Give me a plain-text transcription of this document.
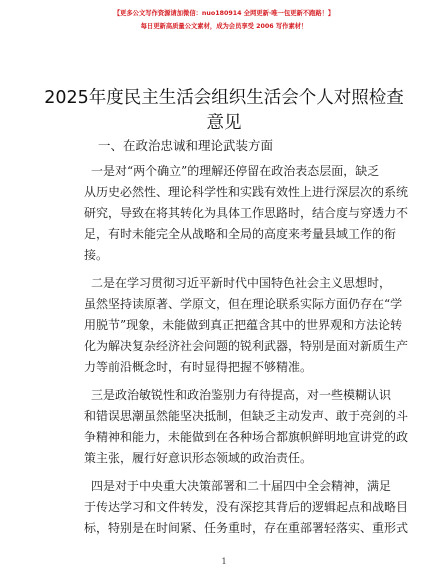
【更多公文写作资源请加微信：nuo180914 全网更新·唯一包更新不跑路！】
每日更新高质量公文素材，成为会员享受 2006 写作素材！
2025年度民主生活会组织生活会个人对照检查意见
一、在政治忠诚和理论武装方面
一是对“两个确立”的理解还停留在政治表态层面，缺乏
从历史必然性、理论科学性和实践有效性上进行深层次的系统
研究，导致在将其转化为具体工作思路时，结合度与穿透力不
足，有时未能完全从战略和全局的高度来考量县域工作的衔
接。
二是在学习贯彻习近平新时代中国特色社会主义思想时，
虽然坚持读原著、学原文，但在理论联系实际方面仍存在“学
用脱节”现象，未能做到真正把蕴含其中的世界观和方法论转
化为解决复杂经济社会问题的锐利武器，特别是面对新质生产
力等前沿概念时，有时显得把握不够精准。
三是政治敏锐性和政治鉴别力有待提高，对一些模糊认识
和错误思潮虽然能坚决抵制，但缺乏主动发声、敢于亮剑的斗
争精神和能力，未能做到在各种场合都旗帜鲜明地宣讲党的政
策主张，履行好意识形态领域的政治责任。
四是对于中央重大决策部署和二十届四中全会精神，满足
于传达学习和文件转发，没有深挖其背后的逻辑起点和战略目
标，特别是在时间紧、任务重时，存在重部署轻落实、重形式
1
